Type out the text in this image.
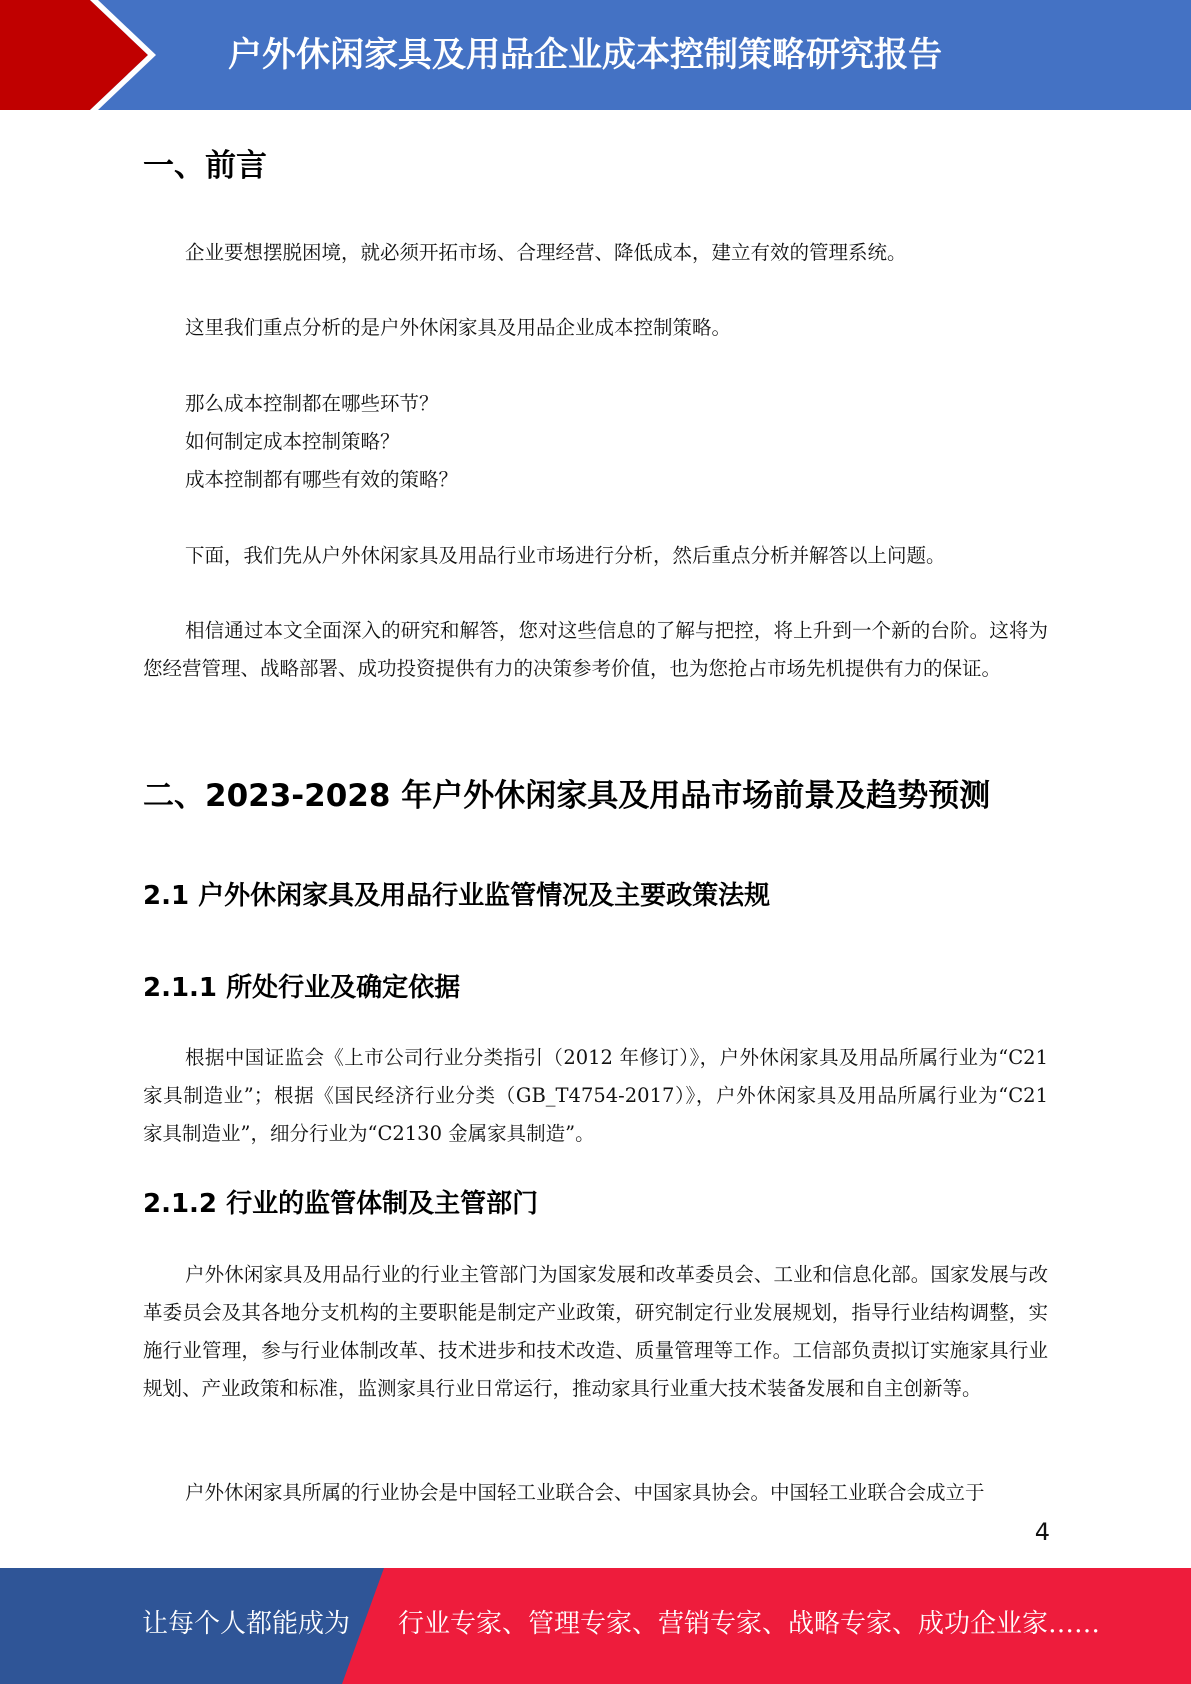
户外休闲家具及用品企业成本控制策略研究报告
一、前言
企业要想摆脱困境，就必须开拓市场、合理经营、降低成本，建立有效的管理系统。
这里我们重点分析的是户外休闲家具及用品企业成本控制策略。
那么成本控制都在哪些环节？
如何制定成本控制策略？
成本控制都有哪些有效的策略？
下面，我们先从户外休闲家具及用品行业市场进行分析，然后重点分析并解答以上问题。
相信通过本文全面深入的研究和解答，您对这些信息的了解与把控，将上升到一个新的台阶。这将为您经营管理、战略部署、成功投资提供有力的决策参考价值，也为您抢占市场先机提供有力的保证。
二、2023-2028 年户外休闲家具及用品市场前景及趋势预测
2.1 户外休闲家具及用品行业监管情况及主要政策法规
2.1.1 所处行业及确定依据
根据中国证监会《上市公司行业分类指引（2012 年修订）》，户外休闲家具及用品所属行业为“C21 家具制造业”；根据《国民经济行业分类（GB_T4754-2017）》，户外休闲家具及用品所属行业为“C21 家具制造业”，细分行业为“C2130 金属家具制造”。
2.1.2 行业的监管体制及主管部门
户外休闲家具及用品行业的行业主管部门为国家发展和改革委员会、工业和信息化部。国家发展与改革委员会及其各地分支机构的主要职能是制定产业政策，研究制定行业发展规划，指导行业结构调整，实施行业管理，参与行业体制改革、技术进步和技术改造、质量管理等工作。工信部负责拟订实施家具行业规划、产业政策和标准，监测家具行业日常运行，推动家具行业重大技术装备发展和自主创新等。
户外休闲家具所属的行业协会是中国轻工业联合会、中国家具协会。中国轻工业联合会成立于
4
让每个人都能成为 行业专家、管理专家、营销专家、战略专家、成功企业家……
